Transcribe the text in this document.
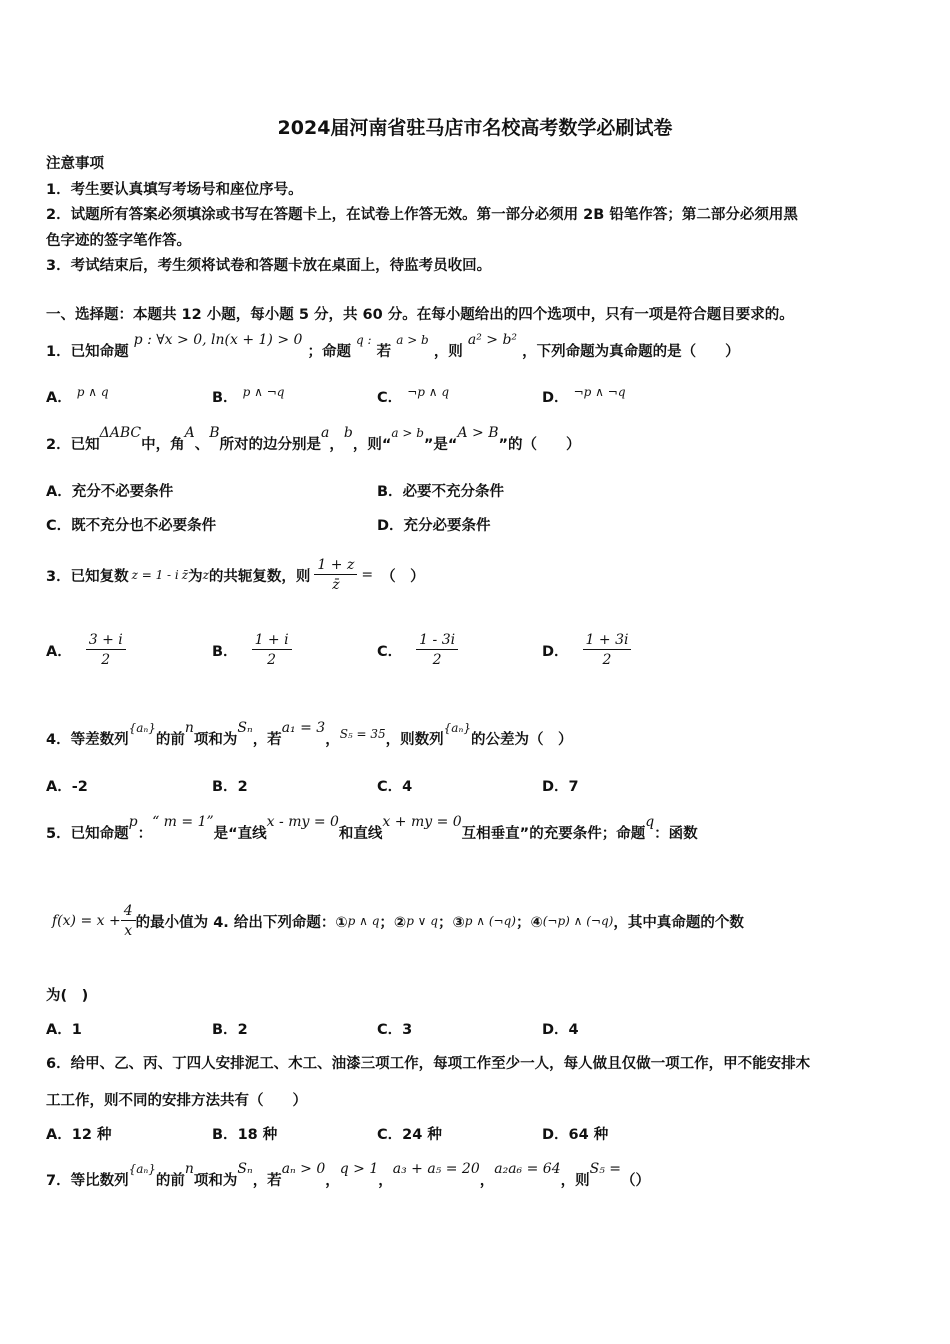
2024届河南省驻马店市名校高考数学必刷试卷
注意事项
1．考生要认真填写考场号和座位序号。
2．试题所有答案必须填涂或书写在答题卡上，在试卷上作答无效。第一部分必须用 2B 铅笔作答；第二部分必须用黑
色字迹的签字笔作答。
3．考试结束后，考生须将试卷和答题卡放在桌面上，待监考员收回。
一、选择题：本题共 12 小题，每小题 5 分，共 60 分。在每小题给出的四个选项中，只有一项是符合题目要求的。
1．已知命题 p : ∀x > 0, ln(x + 1) > 0 ；命题 $^{q :}$ 若 $^{a > b}$ ，则 a² > b² ，下列命题为真命题的是（　　）
A． $^{p \wedge q}$	B． $^{p \wedge \neg q}$	C． $^{\neg p \wedge q}$	D． $^{\neg p \wedge \neg q}$
2．已知ΔABC中，角A、B所对的边分别是a，b，则“$^{a > b}$”是“A > B”的（　　）
A．充分不必要条件	B．必要不充分条件
C．既不充分也不必要条件	D．充分必要条件
3．已知复数 z = 1 - i z̄ 为 z 的共轭复数，则 $\frac{1 + z}{z̄}$ = （　）
A． $\frac{3 + i}{2}$	B． $\frac{1 + i}{2}$	C． $\frac{1 - 3i}{2}$	D． $\frac{1 + 3i}{2}$
4．等差数列$^{\{a_n\}}$的前n项和为Sₙ，若a₁ = 3，$^{S_5 = 35}$，则数列$^{\{a_n\}}$的公差为（　）
A．-2	B．2	C．4	D．7
5．已知命题p：“ m = 1”是“直线x - my = 0和直线x + my = 0互相垂直”的充要条件；命题q：函数
$f(x) = x + \frac{4}{x}$ 的最小值为 4. 给出下列命题：① p ∧ q ；② p ∨ q ；③ p ∧ (¬q) ；④ (¬p) ∧ (¬q) ，其中真命题的个数
为(　)
A．1	B．2	C．3	D．4
6．给甲、乙、丙、丁四人安排泥工、木工、油漆三项工作，每项工作至少一人，每人做且仅做一项工作，甲不能安排木
工工作，则不同的安排方法共有（　　）
A．12 种	B．18 种	C．24 种	D．64 种
7．等比数列$^{\{a_n\}}$的前n项和为Sₙ，若aₙ > 0，q > 1，a₃ + a₅ = 20，a₂a₆ = 64，则S₅ =（）
